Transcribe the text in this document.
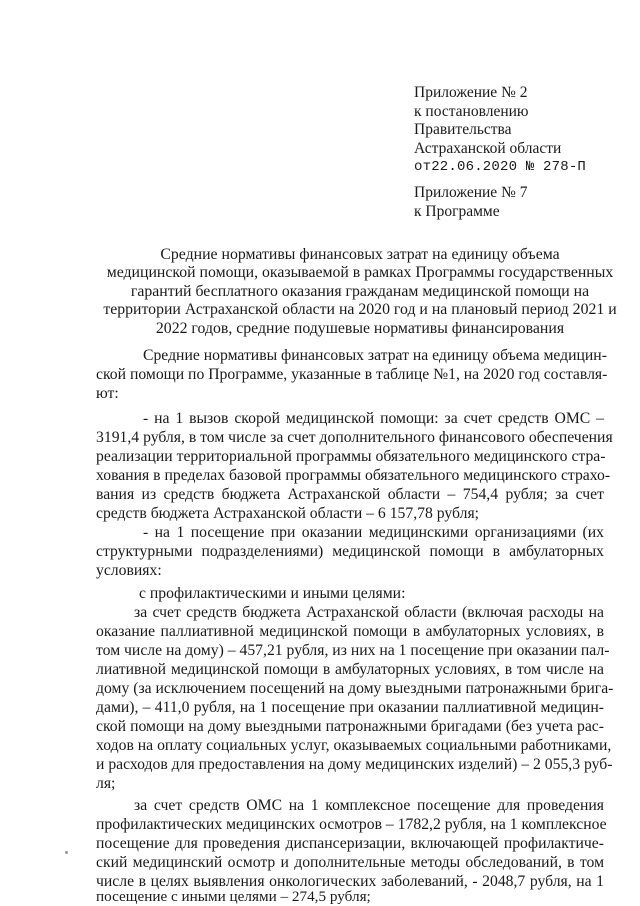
Приложение № 2
к постановлению
Правительства
Астраханской области
от22.06.2020 № 278-П
Приложение № 7
к Программе
Средние нормативы финансовых затрат на единицу объема
медицинской помощи, оказываемой в рамках Программы государственных
гарантий бесплатного оказания гражданам медицинской помощи на
территории Астраханской области на 2020 год и на плановый период 2021 и
2022 годов, средние подушевые нормативы финансирования
Средние нормативы финансовых затрат на единицу объема медицин-
ской помощи по Программе, указанные в таблице №1, на 2020 год составля-
ют:
- на 1 вызов скорой медицинской помощи: за счет средств ОМС –
3191,4 рубля, в том числе за счет дополнительного финансового обеспечения
реализации территориальной программы обязательного медицинского стра-
хования в пределах базовой программы обязательного медицинского страхо-
вания из средств бюджета Астраханской области – 754,4 рубля; за счет
средств бюджета Астраханской области – 6 157,78 рубля;
- на 1 посещение при оказании медицинскими организациями (их
структурными подразделениями) медицинской помощи в амбулаторных
условиях:
с профилактическими и иными целями:
за счет средств бюджета Астраханской области (включая расходы на
оказание паллиативной медицинской помощи в амбулаторных условиях, в
том числе на дому) – 457,21 рубля, из них на 1 посещение при оказании пал-
лиативной медицинской помощи в амбулаторных условиях, в том числе на
дому (за исключением посещений на дому выездными патронажными брига-
дами), – 411,0 рубля, на 1 посещение при оказании паллиативной медицин-
ской помощи на дому выездными патронажными бригадами (без учета рас-
ходов на оплату социальных услуг, оказываемых социальными работниками,
и расходов для предоставления на дому медицинских изделий) – 2 055,3 руб-
ля;
за счет средств ОМС на 1 комплексное посещение для проведения
профилактических медицинских осмотров – 1782,2 рубля, на 1 комплексное
посещение для проведения диспансеризации, включающей профилактиче-
ский медицинский осмотр и дополнительные методы обследований, в том
числе в целях выявления онкологических заболеваний, - 2048,7 рубля, на 1
посещение с иными целями – 274,5 рубля;
